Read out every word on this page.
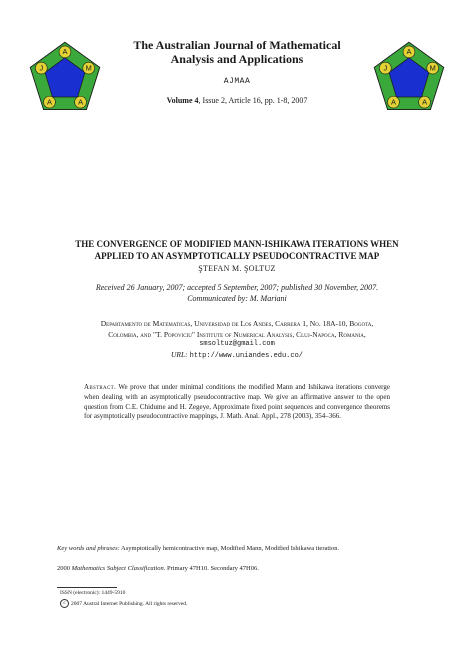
A
M
A
A
J
A
M
A
A
J
The Australian Journal of Mathematical
Analysis and Applications
AJMAA
Volume 4, Issue 2, Article 16, pp. 1-8, 2007
THE CONVERGENCE OF MODIFIED MANN-ISHIKAWA ITERATIONS WHEN
APPLIED TO AN ASYMPTOTICALLY PSEUDOCONTRACTIVE MAP
ŞTEFAN M. ŞOLTUZ
Received 26 January, 2007; accepted 5 September, 2007; published 30 November, 2007.
Communicated by: M. Mariani
Departamento de Matematicas, Universidad de Los Andes, Carrera 1, No. 18A-10, Bogota,
Colombia, and "T. Popoviciu" Institute of Numerical Analysis, Cluj-Napoca, Romania,
smsoltuz@gmail.com
URL: http://www.uniandes.edu.co/
Abstract. We prove that under minimal conditions the modified Mann and Ishikawa iterations converge when dealing with an asymptotically pseudocontractive map. We give an affirmative answer to the open question from C.E. Chidume and H. Zegeye, Approximate fixed point sequences and convergence theorems for asymptotically pseudocontractive mappings, J. Math. Anal. Appl., 278 (2003), 354–366.
Key words and phrases: Asymptotically hemicontractive map, Modified Mann, Modified Ishikawa iteration.
2000 Mathematics Subject Classification. Primary 47H10. Secondary 47H06.
ISSN (electronic): 1449-5910
c 2007 Austral Internet Publishing. All rights reserved.
